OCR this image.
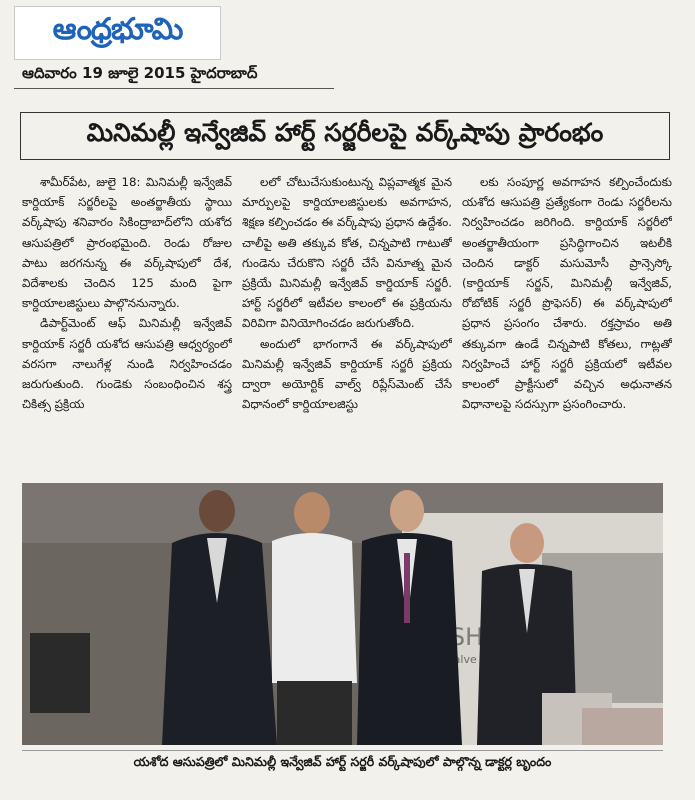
ఆంధ్రభూమి
ఆదివారం 19 జూలై 2015 హైదరాబాద్
మినిమల్లీ ఇన్వేజివ్ హార్ట్ సర్జరీలపై వర్క్‌షాపు ప్రారంభం

శామీర్‌పేట, జులై 18: మినిమల్లీ ఇన్వేజివ్ కార్డియాక్ సర్జరీలపై అంతర్జాతీయ స్థాయి వర్క్‌షాపు శనివారం సికింద్రాబాద్‌లోని యశోద ఆసుపత్రిలో ప్రారంభమైంది. రెండు రోజుల పాటు జరగనున్న ఈ వర్క్‌షాపులో దేశ, విదేశాలకు చెందిన 125 మంది పైగా కార్డియాలజిస్టులు పాల్గొననున్నారు.

డిపార్ట్‌మెంట్ ఆఫ్ మినిమల్లీ ఇన్వేజివ్ కార్డియాక్ సర్జరీ యశోద ఆసుపత్రి ఆధ్వర్యంలో వరసగా నాలుగేళ్ల నుండి నిర్వహించడం జరుగుతుంది. గుండెకు సంబంధించిన శస్త్ర చికిత్స ప్రక్రియ

లలో చోటుచేసుకుంటున్న విప్లవాత్మక మైన మార్పులపై కార్డియాలజిస్టులకు అవగాహన, శిక్షణ కల్పించడం ఈ వర్క్‌షాపు ప్రధాన ఉద్దేశం. చాలీపై అతి తక్కువ కోత, చిన్నపాటి గాటుతో గుండెను చేరుకొని సర్జరీ చేసే వినూత్న మైన ప్రక్రియే మినిమల్లీ ఇన్వేజివ్ కార్డియాక్ సర్జరీ. హార్ట్ సర్జరీలో ఇటీవల కాలంలో ఈ ప్రక్రియను విరివిగా వినియోగించడం జరుగుతోంది.

అందులో భాగంగానే ఈ వర్క్‌షాపులో మినిమల్లీ ఇన్వేజివ్ కార్డియాక్ సర్జరీ ప్రక్రియ ద్వారా అయోర్టిక్ వాల్వ్ రిప్లేస్‌మెంట్ చేసే విధానంలో కార్డియాలజిస్టు

లకు సంపూర్ణ అవగాహన కల్పించేందుకు యశోద ఆసుపత్రి ప్రత్యేకంగా రెండు సర్జరీలను నిర్వహించడం జరిగింది. కార్డియాక్ సర్జరీలో అంతర్జాతీయంగా ప్రసిద్ధిగాంచిన ఇటలీకి చెందిన డాక్టర్ మసుమోసీ ప్రాన్సెస్కో (కార్డియాక్ సర్జన్, మినిమల్లీ ఇన్వేజివ్, రోబోటిక్ సర్జరీ ప్రొఫెసర్) ఈ వర్క్‌షాపులో ప్రధాన ప్రసంగం చేశారు. రక్తస్రావం అతి తక్కువగా ఉండే చిన్నపాటి కోతలు, గాట్లతో నిర్వహించే హార్ట్ సర్జరీ ప్రక్రియలో ఇటీవల కాలంలో ప్రాక్టీసులో వచ్చిన అధునాతన విధానాలపై సదస్సుగా ప్రసంగించారు.

Valve
SH
యశోద ఆసుపత్రిలో మినిమల్లీ ఇన్వేజివ్ హార్ట్ సర్జరీ వర్క్‌షాపులో పాల్గొన్న డాక్టర్ల బృందం
